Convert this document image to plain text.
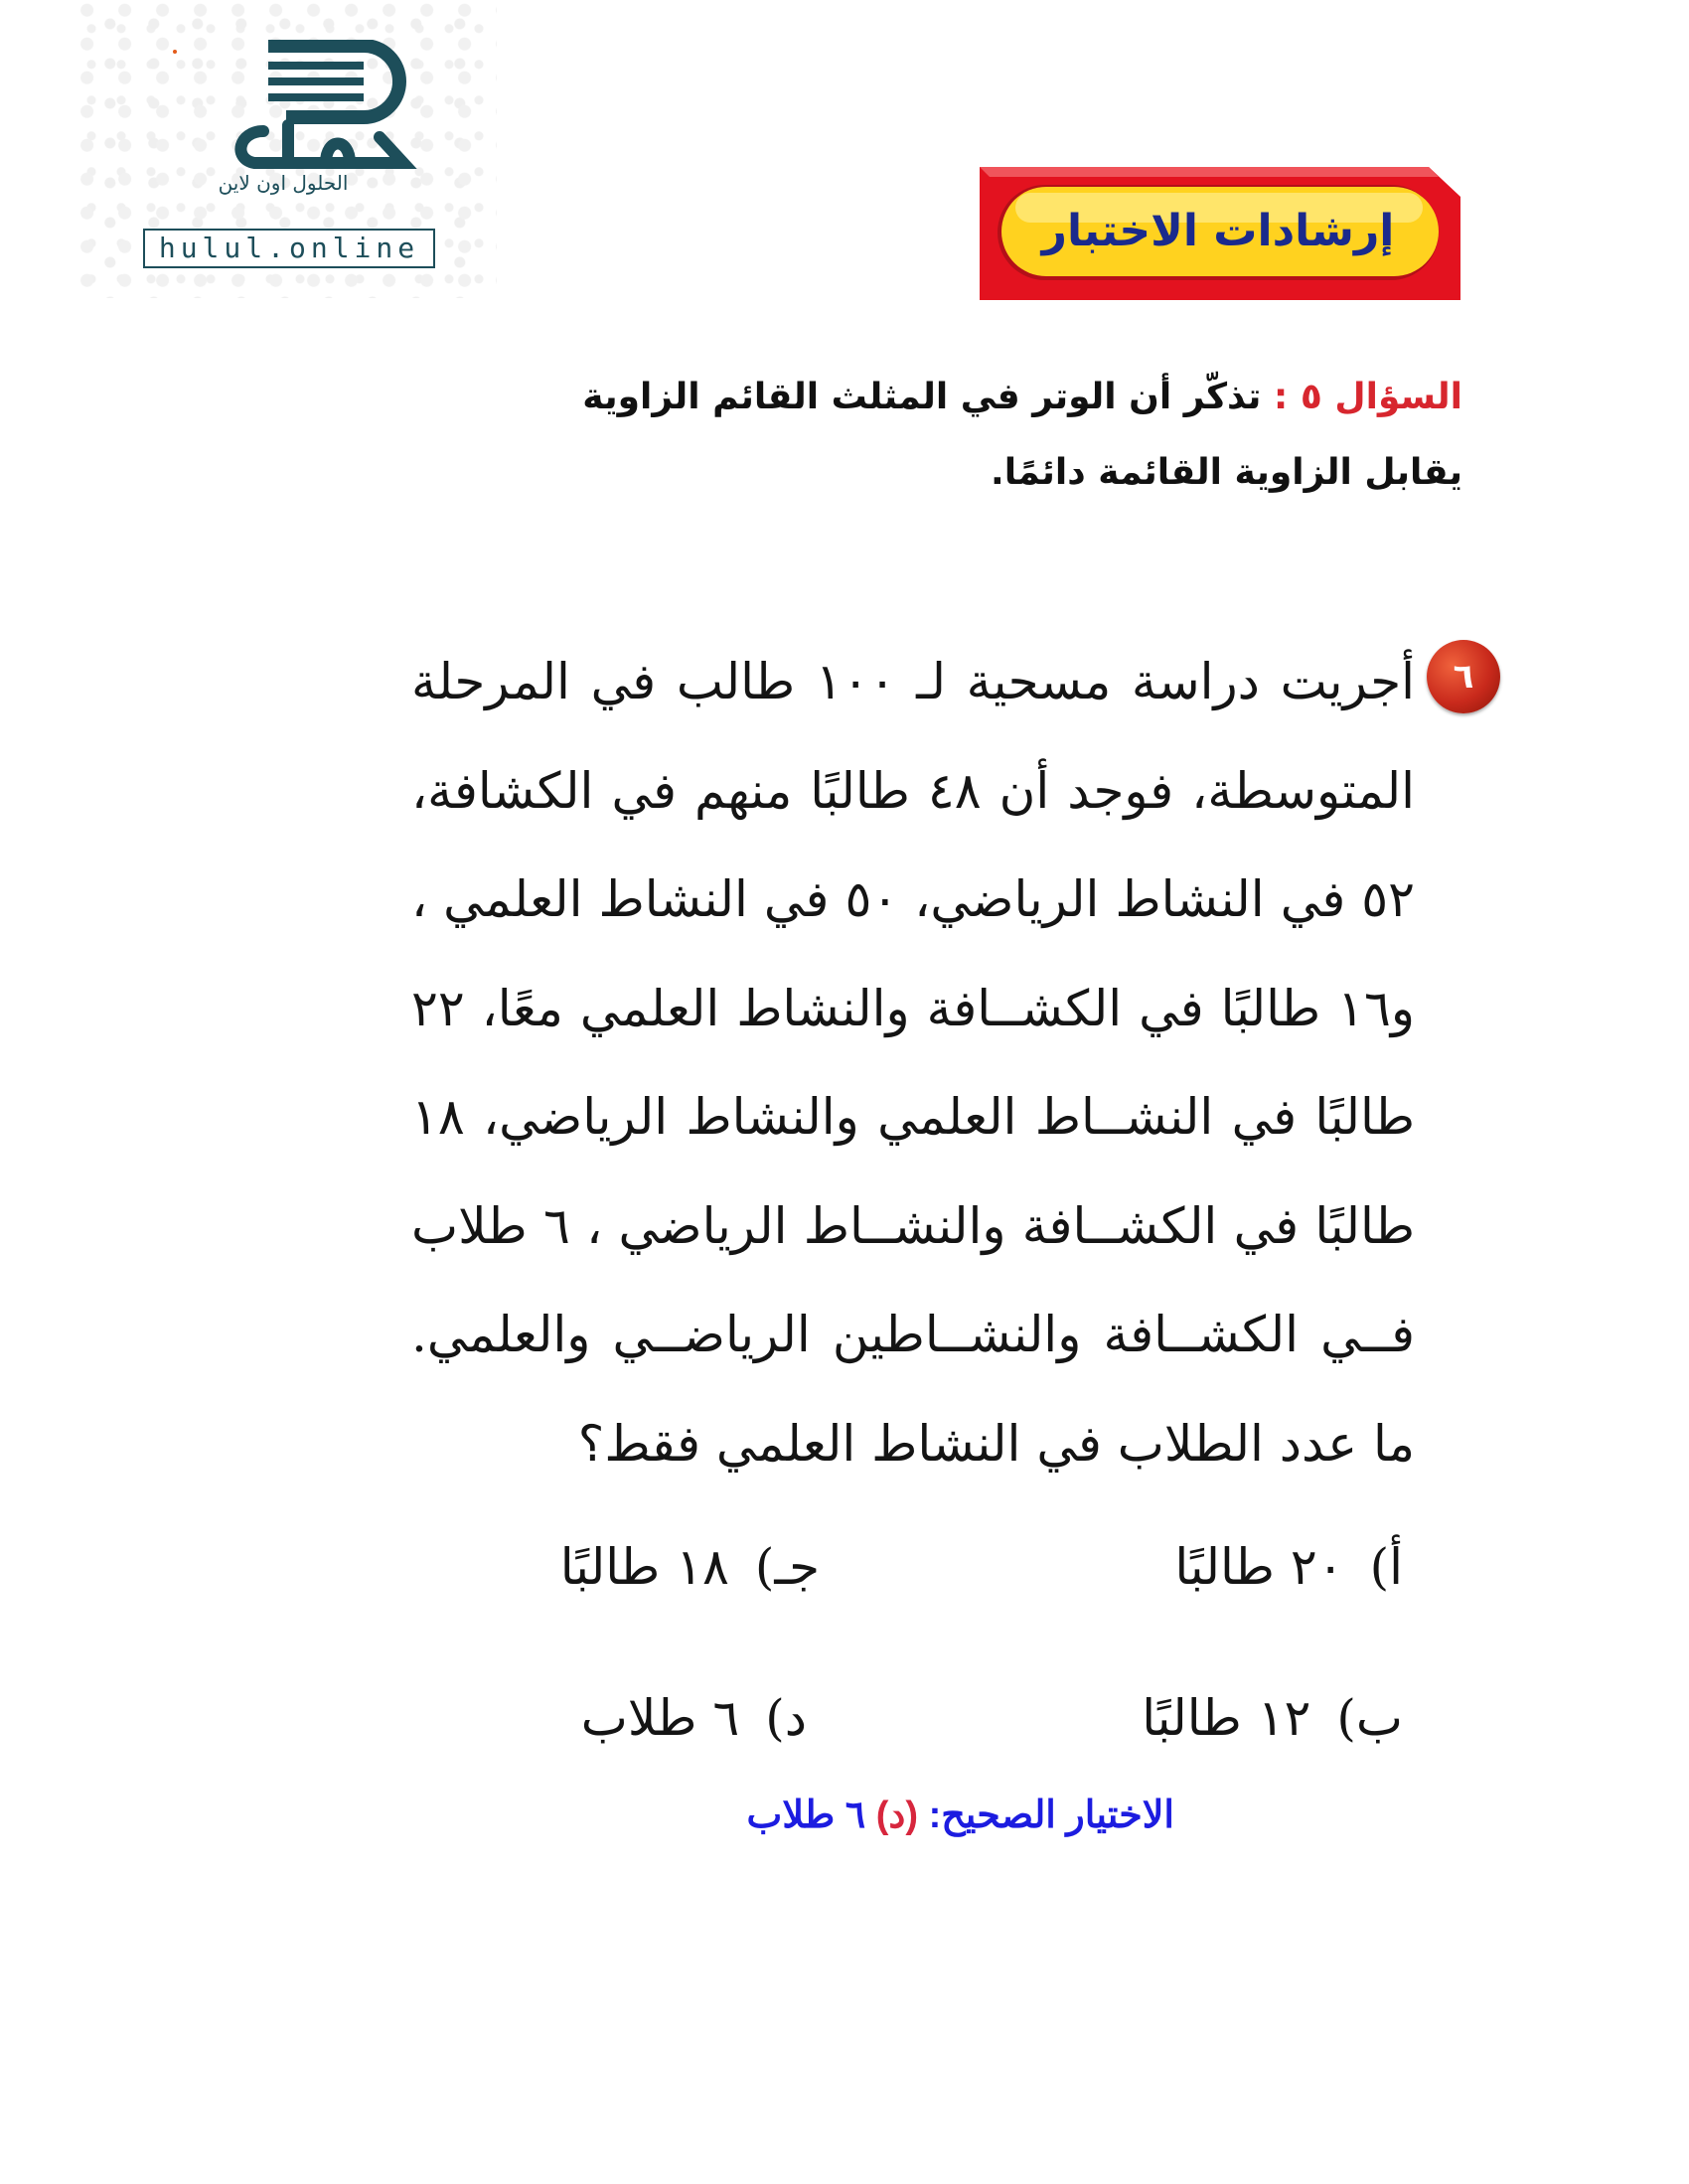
الحلول اون لاين
hulul.online	إرشادات الاختبار
السؤال ٥ : تذكّر أن الوتر في المثلث القائم الزاوية يقابل الزاوية القائمة دائمًا.
٦
أجريت دراسة مسحية لـ ١٠٠ طالب في المرحلة المتوسطة، فوجد أن ٤٨ طالبًا منهم في الكشافة، ٥٢ في النشاط الرياضي، ٥٠ في النشاط العلمي ، و١٦ طالبًا في الكشــافة والنشاط العلمي معًا، ٢٢ طالبًا في النشــاط العلمي والنشاط الرياضي، ١٨ طالبًا في الكشــافة والنشــاط الرياضي ، ٦ طلاب فــي الكشــافة والنشــاطين الرياضــي والعلمي. ما عدد الطلاب في النشاط العلمي فقط؟
أ)٢٠ طالبًا
ب)١٢ طالبًا
جـ)١٨ طالبًا
د)٦ طلاب
الاختيار الصحيح: (د) ٦ طلاب
